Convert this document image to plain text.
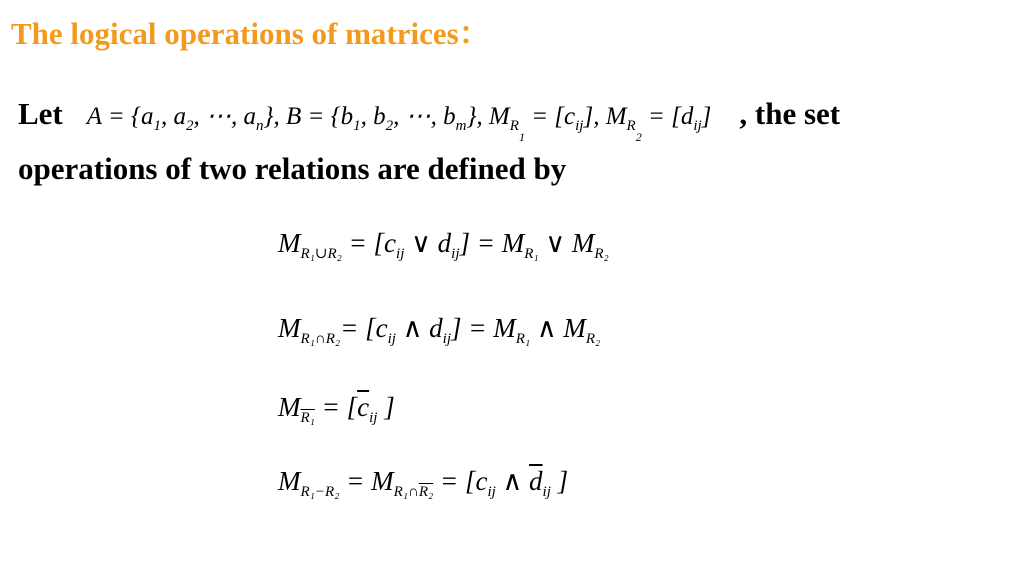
The logical operations of matrices：
Let $A = \{a_1$, $a_2$, ⋯, $a_n$}, $B = \{b_1$, $b_2$, ⋯, $b_m$}, $M_{R_1} = [c_{ij}]$, $M_{R_2} = [d_{ij}]$ , the set
operations of two relations are defined by
$M_{R_1\cup R_2} = [c_{ij}$ ∨ $d_{ij}] = M_{R_1}$ ∨ $M_{R_2}$
$M_{R_1\cap R_2}= [c_{ij}$ ∧ $d_{ij}] = M_{R_1}$ ∧ $M_{R_2}$
$M_{R_1} = [\overline{c}_{ij}$ ]
$M_{R_1-R_2} = M_{R_1\cap R_2} = [c_{ij}$ ∧ $\overline{d}_{ij}$ ]
